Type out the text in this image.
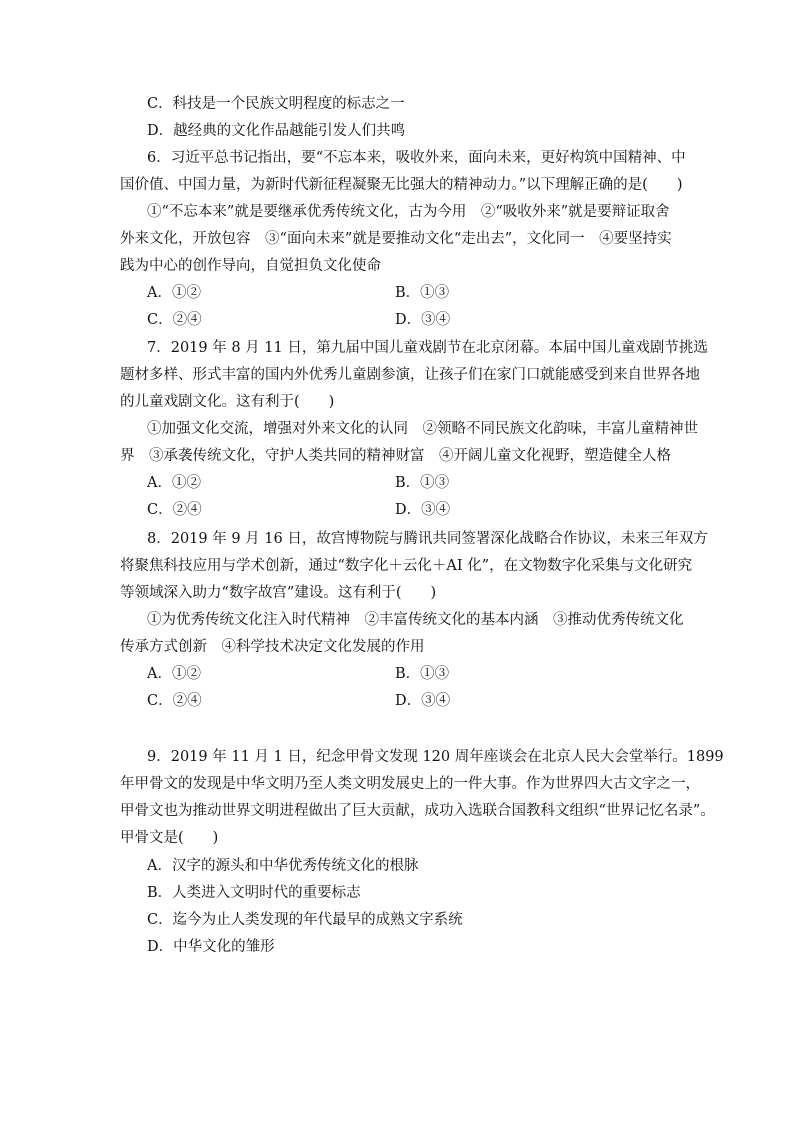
C．科技是一个民族文明程度的标志之一
D．越经典的文化作品越能引发人们共鸣
6．习近平总书记指出，要“不忘本来，吸收外来，面向未来，更好构筑中国精神、中
国价值、中国力量，为新时代新征程凝聚无比强大的精神动力。”以下理解正确的是(　　)
①“不忘本来”就是要继承优秀传统文化，古为今用　②“吸收外来”就是要辩证取舍
外来文化，开放包容　③“面向未来”就是要推动文化“走出去”，文化同一　④要坚持实
践为中心的创作导向，自觉担负文化使命
A．①②	B．①③
C．②④	D．③④
7．2019 年 8 月 11 日，第九届中国儿童戏剧节在北京闭幕。本届中国儿童戏剧节挑选
题材多样、形式丰富的国内外优秀儿童剧参演，让孩子们在家门口就能感受到来自世界各地
的儿童戏剧文化。这有利于(　　)
①加强文化交流，增强对外来文化的认同　②领略不同民族文化韵味，丰富儿童精神世
界　③承袭传统文化，守护人类共同的精神财富　④开阔儿童文化视野，塑造健全人格
A．①②	B．①③
C．②④	D．③④
8．2019 年 9 月 16 日，故宫博物院与腾讯共同签署深化战略合作协议，未来三年双方
将聚焦科技应用与学术创新，通过“数字化＋云化＋AI 化”，在文物数字化采集与文化研究
等领域深入助力“数字故宫”建设。这有利于(　　)
①为优秀传统文化注入时代精神　②丰富传统文化的基本内涵　③推动优秀传统文化
传承方式创新　④科学技术决定文化发展的作用
A．①②	B．①③
C．②④	D．③④
9．2019 年 11 月 1 日，纪念甲骨文发现 120 周年座谈会在北京人民大会堂举行。1899
年甲骨文的发现是中华文明乃至人类文明发展史上的一件大事。作为世界四大古文字之一，
甲骨文也为推动世界文明进程做出了巨大贡献，成功入选联合国教科文组织“世界记忆名录”。
甲骨文是(　　)
A．汉字的源头和中华优秀传统文化的根脉
B．人类进入文明时代的重要标志
C．迄今为止人类发现的年代最早的成熟文字系统
D．中华文化的雏形
